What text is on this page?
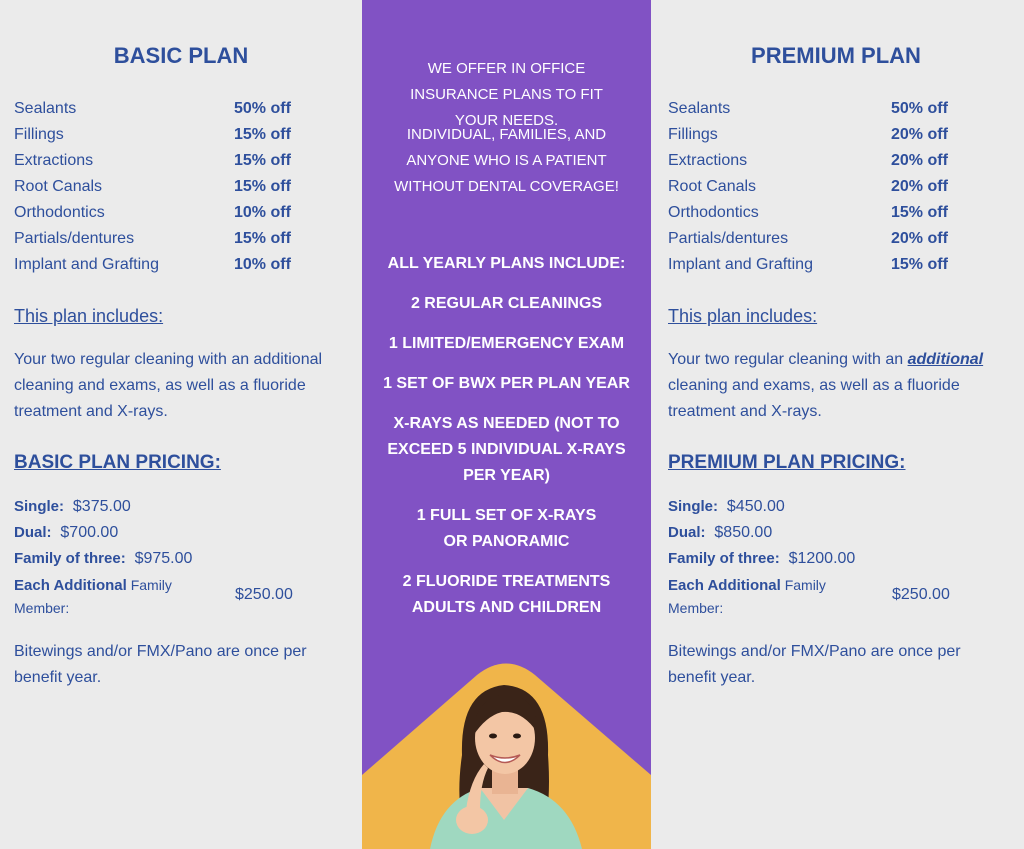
BASIC PLAN
Sealants	50% off
Fillings	15% off
Extractions	15% off
Root Canals	15% off
Orthodontics	10% off
Partials/dentures	15% off
Implant and Grafting	10% off
This plan includes:
Your two regular cleaning with an additional cleaning and exams, as well as a fluoride treatment and X-rays.
BASIC PLAN PRICING:
Single: $375.00
Dual: $700.00
Family of three: $975.00
Each Additional Family Member:
$250.00
Bitewings and/or FMX/Pano are once per benefit year.
WE OFFER IN OFFICE INSURANCE PLANS TO FIT YOUR NEEDS.
INDIVIDUAL, FAMILIES, AND ANYONE WHO IS A PATIENT WITHOUT DENTAL COVERAGE!
ALL YEARLY PLANS INCLUDE:
2 REGULAR CLEANINGS
1 LIMITED/EMERGENCY EXAM
1 SET OF BWX PER PLAN YEAR
X-RAYS AS NEEDED (NOT TO EXCEED 5 INDIVIDUAL X-RAYS PER YEAR)
1 FULL SET OF X-RAYS OR PANORAMIC
2 FLUORIDE TREATMENTS ADULTS AND CHILDREN
PREMIUM PLAN
Sealants	50% off
Fillings	20% off
Extractions	20% off
Root Canals	20% off
Orthodontics	15% off
Partials/dentures	20% off
Implant and Grafting	15% off
This plan includes:
Your two regular cleaning with an additional cleaning and exams, as well as a fluoride treatment and X-rays.
PREMIUM PLAN PRICING:
Single: $450.00
Dual: $850.00
Family of three: $1200.00
Each Additional Family Member:
$250.00
Bitewings and/or FMX/Pano are once per benefit year.
